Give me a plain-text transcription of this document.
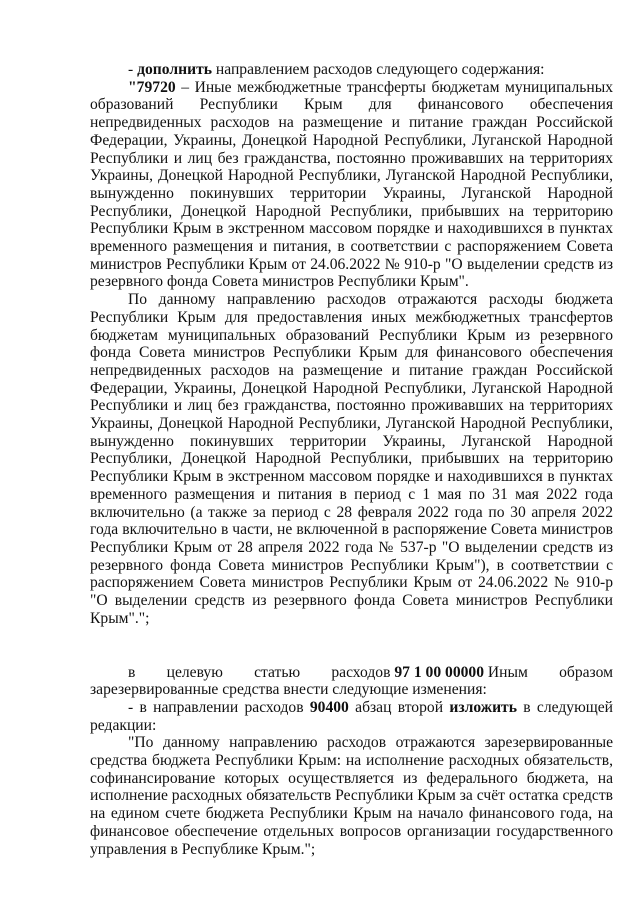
- дополнить направлением расходов следующего содержания:

"79720 – Иные межбюджетные трансферты бюджетам муниципальных образований Республики Крым для финансового обеспечения непредвиденных расходов на размещение и питание граждан Российской Федерации, Украины, Донецкой Народной Республики, Луганской Народной Республики и лиц без гражданства, постоянно проживавших на территориях Украины, Донецкой Народной Республики, Луганской Народной Республики, вынужденно покинувших территории Украины, Луганской Народной Республики, Донецкой Народной Республики, прибывших на территорию Республики Крым в экстренном массовом порядке и находившихся в пунктах временного размещения и питания, в соответствии с распоряжением Совета министров Республики Крым от 24.06.2022 № 910-р "О выделении средств из резервного фонда Совета министров Республики Крым".

По данному направлению расходов отражаются расходы бюджета Республики Крым для предоставления иных межбюджетных трансфертов бюджетам муниципальных образований Республики Крым из резервного фонда Совета министров Республики Крым для финансового обеспечения непредвиденных расходов на размещение и питание граждан Российской Федерации, Украины, Донецкой Народной Республики, Луганской Народной Республики и лиц без гражданства, постоянно проживавших на территориях Украины, Донецкой Народной Республики, Луганской Народной Республики, вынужденно покинувших территории Украины, Луганской Народной Республики, Донецкой Народной Республики, прибывших на территорию Республики Крым в экстренном массовом порядке и находившихся в пунктах временного размещения и питания в период с 1 мая по 31 мая 2022 года включительно (а также за период с 28 февраля 2022 года по 30 апреля 2022 года включительно в части, не включенной в распоряжение Совета министров Республики Крым от 28 апреля 2022 года № 537-р "О выделении средств из резервного фонда Совета министров Республики Крым"), в соответствии с распоряжением Совета министров Республики Крым от 24.06.2022 № 910-р "О выделении средств из резервного фонда Совета министров Республики Крым".";

в целевую статью расходов 97 1 00 00000 Иным образом

зарезервированные средства внести следующие изменения:

- в направлении расходов 90400 абзац второй изложить в следующей редакции:

"По данному направлению расходов отражаются зарезервированные средства бюджета Республики Крым: на исполнение расходных обязательств, софинансирование которых осуществляется из федерального бюджета, на исполнение расходных обязательств Республики Крым за счёт остатка средств на едином счете бюджета Республики Крым на начало финансового года, на финансовое обеспечение отдельных вопросов организации государственного управления в Республике Крым.";
